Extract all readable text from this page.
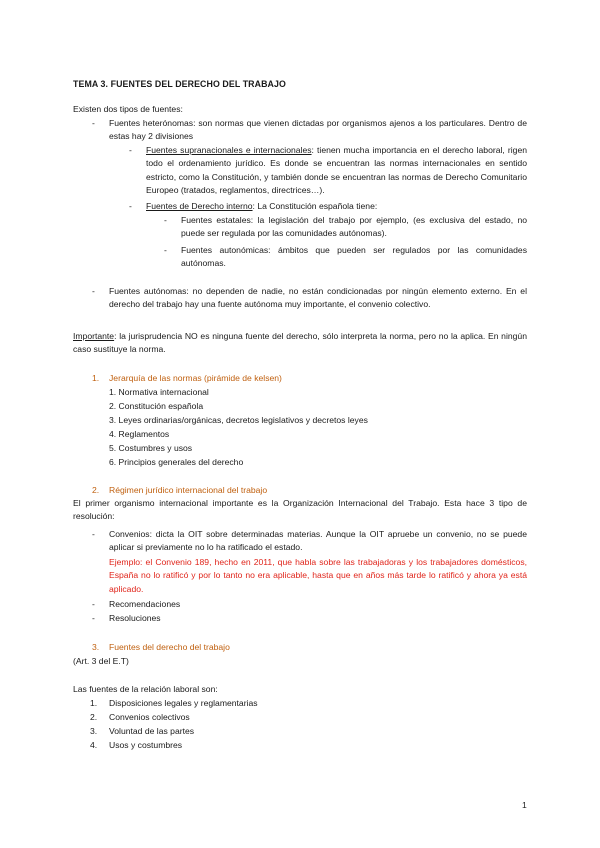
TEMA 3. FUENTES DEL DERECHO DEL TRABAJO
Existen dos tipos de fuentes:
- Fuentes heterónomas: son normas que vienen dictadas por organismos ajenos a los particulares. Dentro de estas hay 2 divisiones

- Fuentes supranacionales e internacionales: tienen mucha importancia en el derecho laboral, rigen todo el ordenamiento jurídico. Es donde se encuentran las normas internacionales en sentido estricto, como la Constitución, y también donde se encuentran las normas de Derecho Comunitario Europeo (tratados, reglamentos, directrices…).

- Fuentes de Derecho interno: La Constitución española tiene:

- Fuentes estatales: la legislación del trabajo por ejemplo, (es exclusiva del estado, no puede ser regulada por las comunidades autónomas).

- Fuentes autonómicas: ámbitos que pueden ser regulados por las comunidades autónomas.

- Fuentes autónomas: no dependen de nadie, no están condicionadas por ningún elemento externo. En el derecho del trabajo hay una fuente autónoma muy importante, el convenio colectivo.

Importante: la jurisprudencia NO es ninguna fuente del derecho, sólo interpreta la norma, pero no la aplica. En ningún caso sustituye la norma.

1. Jerarquía de las normas (pirámide de kelsen)
1. Normativa internacional
2. Constitución española
3. Leyes ordinarias/orgánicas, decretos legislativos y decretos leyes
4. Reglamentos
5. Costumbres y usos
6. Principios generales del derecho
2. Régimen jurídico internacional del trabajo

El primer organismo internacional importante es la Organización Internacional del Trabajo. Esta hace 3 tipo de resolución:

- Convenios: dicta la OIT sobre determinadas materias. Aunque la OIT apruebe un convenio, no se puede aplicar si previamente no lo ha ratificado el estado.

Ejemplo: el Convenio 189, hecho en 2011, que habla sobre las trabajadoras y los trabajadores domésticos, España no lo ratificó y por lo tanto no era aplicable, hasta que en años más tarde lo ratificó y ahora ya está aplicado.

- Recomendaciones
- Resoluciones
3. Fuentes del derecho del trabajo
(Art. 3 del E.T)
Las fuentes de la relación laboral son:
1. Disposiciones legales y reglamentarias
2. Convenios colectivos
3. Voluntad de las partes
4. Usos y costumbres
1
